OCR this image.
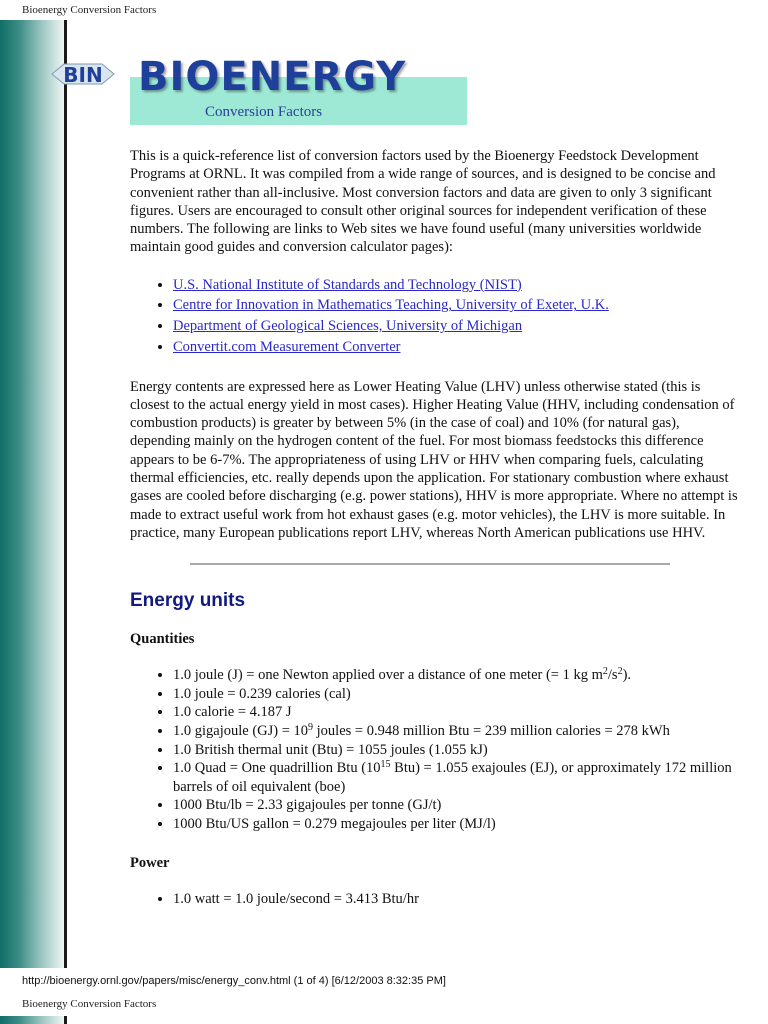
Bioenergy Conversion Factors
BIN BIOENERGY
Conversion Factors

This is a quick-reference list of conversion factors used by the Bioenergy Feedstock Development Programs at ORNL. It was compiled from a wide range of sources, and is designed to be concise and convenient rather than all-inclusive. Most conversion factors and data are given to only 3 significant figures. Users are encouraged to consult other original sources for independent verification of these numbers. The following are links to Web sites we have found useful (many universities worldwide maintain good guides and conversion calculator pages):

• U.S. National Institute of Standards and Technology (NIST)
• Centre for Innovation in Mathematics Teaching, University of Exeter, U.K.
• Department of Geological Sciences, University of Michigan
• Convertit.com Measurement Converter

Energy contents are expressed here as Lower Heating Value (LHV) unless otherwise stated (this is closest to the actual energy yield in most cases). Higher Heating Value (HHV, including condensation of combustion products) is greater by between 5% (in the case of coal) and 10% (for natural gas), depending mainly on the hydrogen content of the fuel. For most biomass feedstocks this difference appears to be 6-7%. The appropriateness of using LHV or HHV when comparing fuels, calculating thermal efficiencies, etc. really depends upon the application. For stationary combustion where exhaust gases are cooled before discharging (e.g. power stations), HHV is more appropriate. Where no attempt is made to extract useful work from hot exhaust gases (e.g. motor vehicles), the LHV is more suitable. In practice, many European publications report LHV, whereas North American publications use HHV.

Energy units
Quantities
• 1.0 joule (J) = one Newton applied over a distance of one meter (= 1 kg $m^2/s^2$).
• 1.0 joule = 0.239 calories (cal)
• 1.0 calorie = 4.187 J
• 1.0 gigajoule $(GJ) = 10^9$ joules = 0.948 million Btu = 239 million calories = 278 kWh
• 1.0 British thermal unit (Btu) = 1055 joules (1.055 kJ)
• 1.0 Quad = One quadrillion Btu ($10^{15}$ Btu) = 1.055 exajoules (EJ), or approximately 172 million barrels of oil equivalent (boe)
• 1000 Btu/lb = 2.33 gigajoules per tonne (GJ/t)
• 1000 Btu/US gallon = 0.279 megajoules per liter (MJ/l)
Power
• 1.0 watt = 1.0 joule/second = 3.413 Btu/hr
http://bioenergy.ornl.gov/papers/misc/energy_conv.html (1 of 4) [6/12/2003 8:32:35 PM]
Bioenergy Conversion Factors
